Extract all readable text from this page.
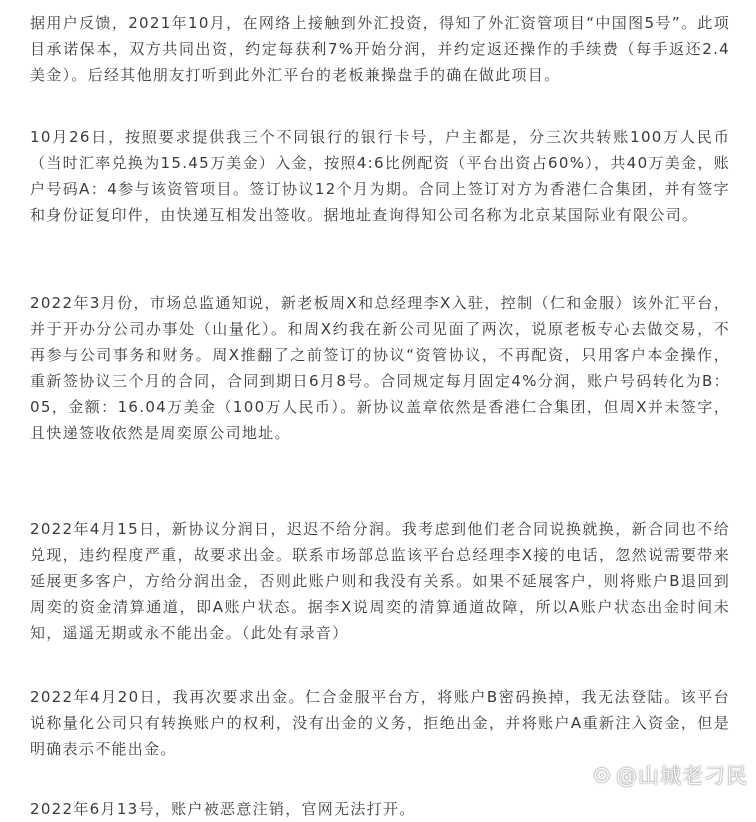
据用户反馈，2021年10月，在网络上接触到外汇投资，得知了外汇资管项目“中国图5号”。此项目承诺保本，双方共同出资，约定每获利7%开始分润，并约定返还操作的手续费（每手返还2.4美金）。后经其他朋友打听到此外汇平台的老板兼操盘手的确在做此项目。

10月26日，按照要求提供我三个不同银行的银行卡号，户主都是，分三次共转账100万人民币（当时汇率兑换为15.45万美金）入金，按照4:6比例配资（平台出资占60%），共40万美金，账户号码A：4参与该资管项目。签订协议12个月为期。合同上签订对方为香港仁合集团，并有签字和身份证复印件，由快递互相发出签收。据地址查询得知公司名称为北京某国际业有限公司。

2022年3月份，市场总监通知说，新老板周X和总经理李X入驻，控制（仁和金服）该外汇平台，并于开办分公司办事处（山量化）。和周X约我在新公司见面了两次，说原老板专心去做交易，不再参与公司事务和财务。周X推翻了之前签订的协议“资管协议，不再配资，只用客户本金操作，重新签协议三个月的合同，合同到期日6月8号。合同规定每月固定4%分润，账户号码转化为B：05，金额：16.04万美金（100万人民币）。新协议盖章依然是香港仁合集团，但周X并未签字，且快递签收依然是周奕原公司地址。

2022年4月15日，新协议分润日，迟迟不给分润。我考虑到他们老合同说换就换，新合同也不给兑现，违约程度严重，故要求出金。联系市场部总监该平台总经理李X接的电话，忽然说需要带来延展更多客户，方给分润出金，否则此账户则和我没有关系。如果不延展客户，则将账户B退回到周奕的资金清算通道，即A账户状态。据李X说周奕的清算通道故障，所以A账户状态出金时间未知，遥遥无期或永不能出金。（此处有录音）

2022年4月20日，我再次要求出金。仁合金服平台方，将账户B密码换掉，我无法登陆。该平台说称量化公司只有转换账户的权利，没有出金的义务，拒绝出金，并将账户A重新注入资金，但是明确表示不能出金。

2022年6月13号，账户被恶意注销，官网无法打开。

⊙ @山城老刁民
